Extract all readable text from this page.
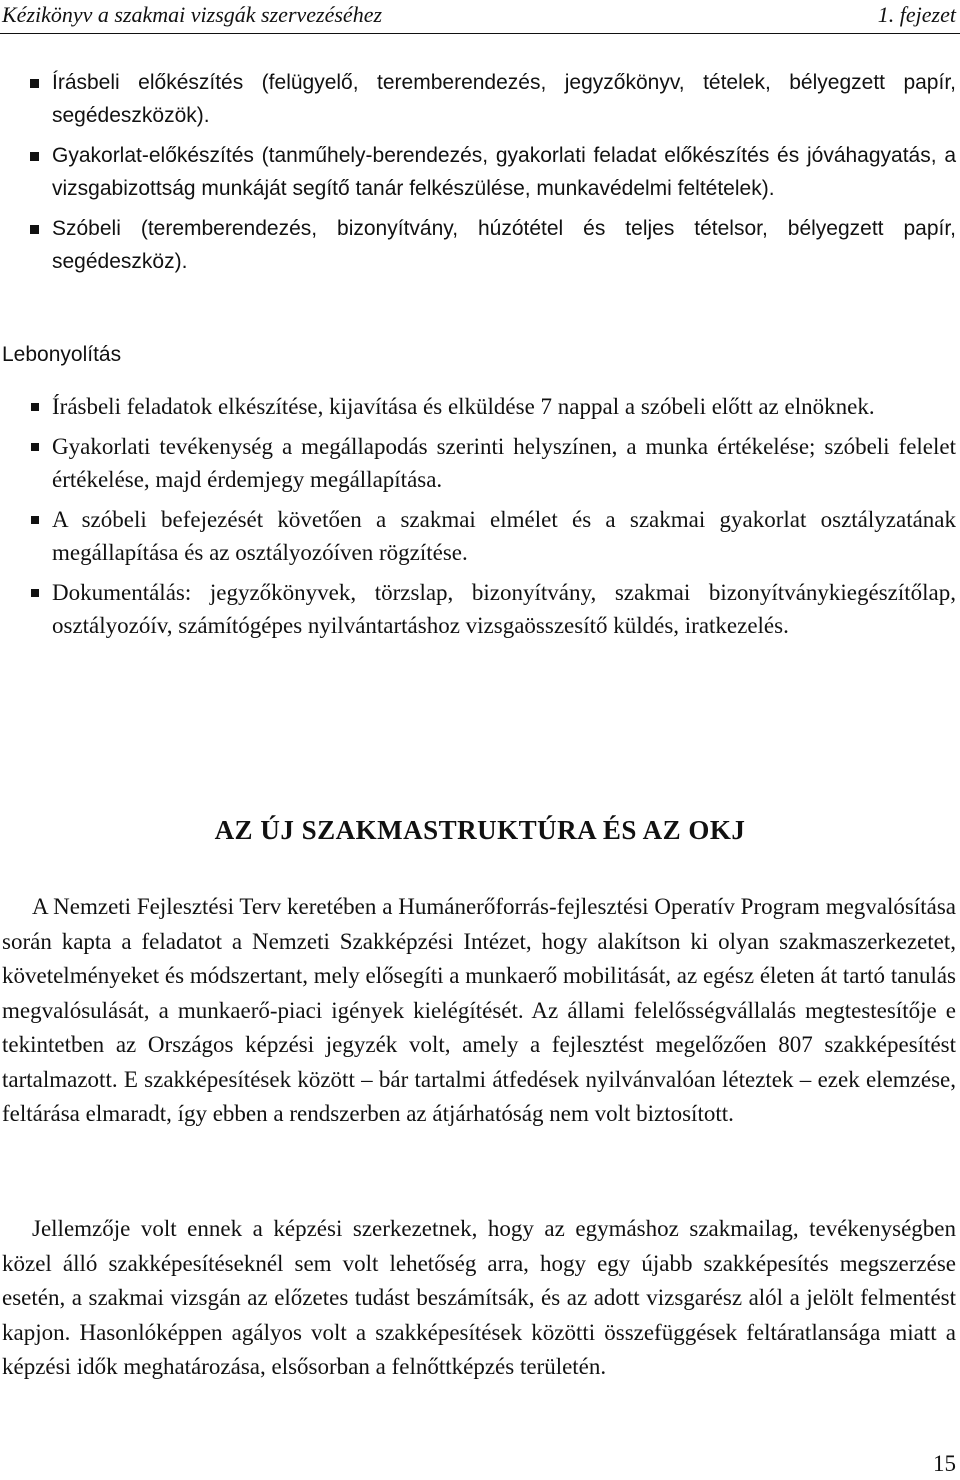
Kézikönyv a szakmai vizsgák szervezéséhez	1. fejezet
Írásbeli előkészítés (felügyelő, teremberendezés, jegyzőkönyv, tételek, bélyegzett papír, segédeszközök).
Gyakorlat-előkészítés (tanműhely-berendezés, gyakorlati feladat előkészítés és jóváhagyatás, a vizsgabizottság munkáját segítő tanár felkészülése, munkavédelmi feltételek).
Szóbeli (teremberendezés, bizonyítvány, húzótétel és teljes tételsor, bélyegzett papír, segédeszköz).
Lebonyolítás
Írásbeli feladatok elkészítése, kijavítása és elküldése 7 nappal a szóbeli előtt az elnöknek.
Gyakorlati tevékenység a megállapodás szerinti helyszínen, a munka értékelése; szóbeli felelet értékelése, majd érdemjegy megállapítása.
A szóbeli befejezését követően a szakmai elmélet és a szakmai gyakorlat osztályzatának megállapítása és az osztályozóíven rögzítése.
Dokumentálás: jegyzőkönyvek, törzslap, bizonyítvány, szakmai bizonyítványkiegészítőlap, osztályozóív, számítógépes nyilvántartáshoz vizsgaösszesítő küldés, iratkezelés.
AZ ÚJ SZAKMASTRUKTÚRA ÉS AZ OKJ

A Nemzeti Fejlesztési Terv keretében a Humánerőforrás-fejlesztési Operatív Program megvalósítása során kapta a feladatot a Nemzeti Szakképzési Intézet, hogy alakítson ki olyan szakmaszerkezetet, követelményeket és módszertant, mely elősegíti a munkaerő mobilitását, az egész életen át tartó tanulás megvalósulását, a munkaerő-piaci igények kielégítését. Az állami felelősségvállalás megtestesítője e tekintetben az Országos képzési jegyzék volt, amely a fejlesztést megelőzően 807 szakképesítést tartalmazott. E szakképesítések között – bár tartalmi átfedések nyilvánvalóan léteztek – ezek elemzése, feltárása elmaradt, így ebben a rendszerben az átjárhatóság nem volt biztosított.

Jellemzője volt ennek a képzési szerkezetnek, hogy az egymáshoz szakmailag, tevékenységben közel álló szakképesítéseknél sem volt lehetőség arra, hogy egy újabb szakképesítés megszerzése esetén, a szakmai vizsgán az előzetes tudást beszámítsák, és az adott vizsgarész alól a jelölt felmentést kapjon. Hasonlóképpen agályos volt a szakképesítések közötti összefüggések feltáratlansága miatt a képzési idők meghatározása, elsősorban a felnőttképzés területén.

15
